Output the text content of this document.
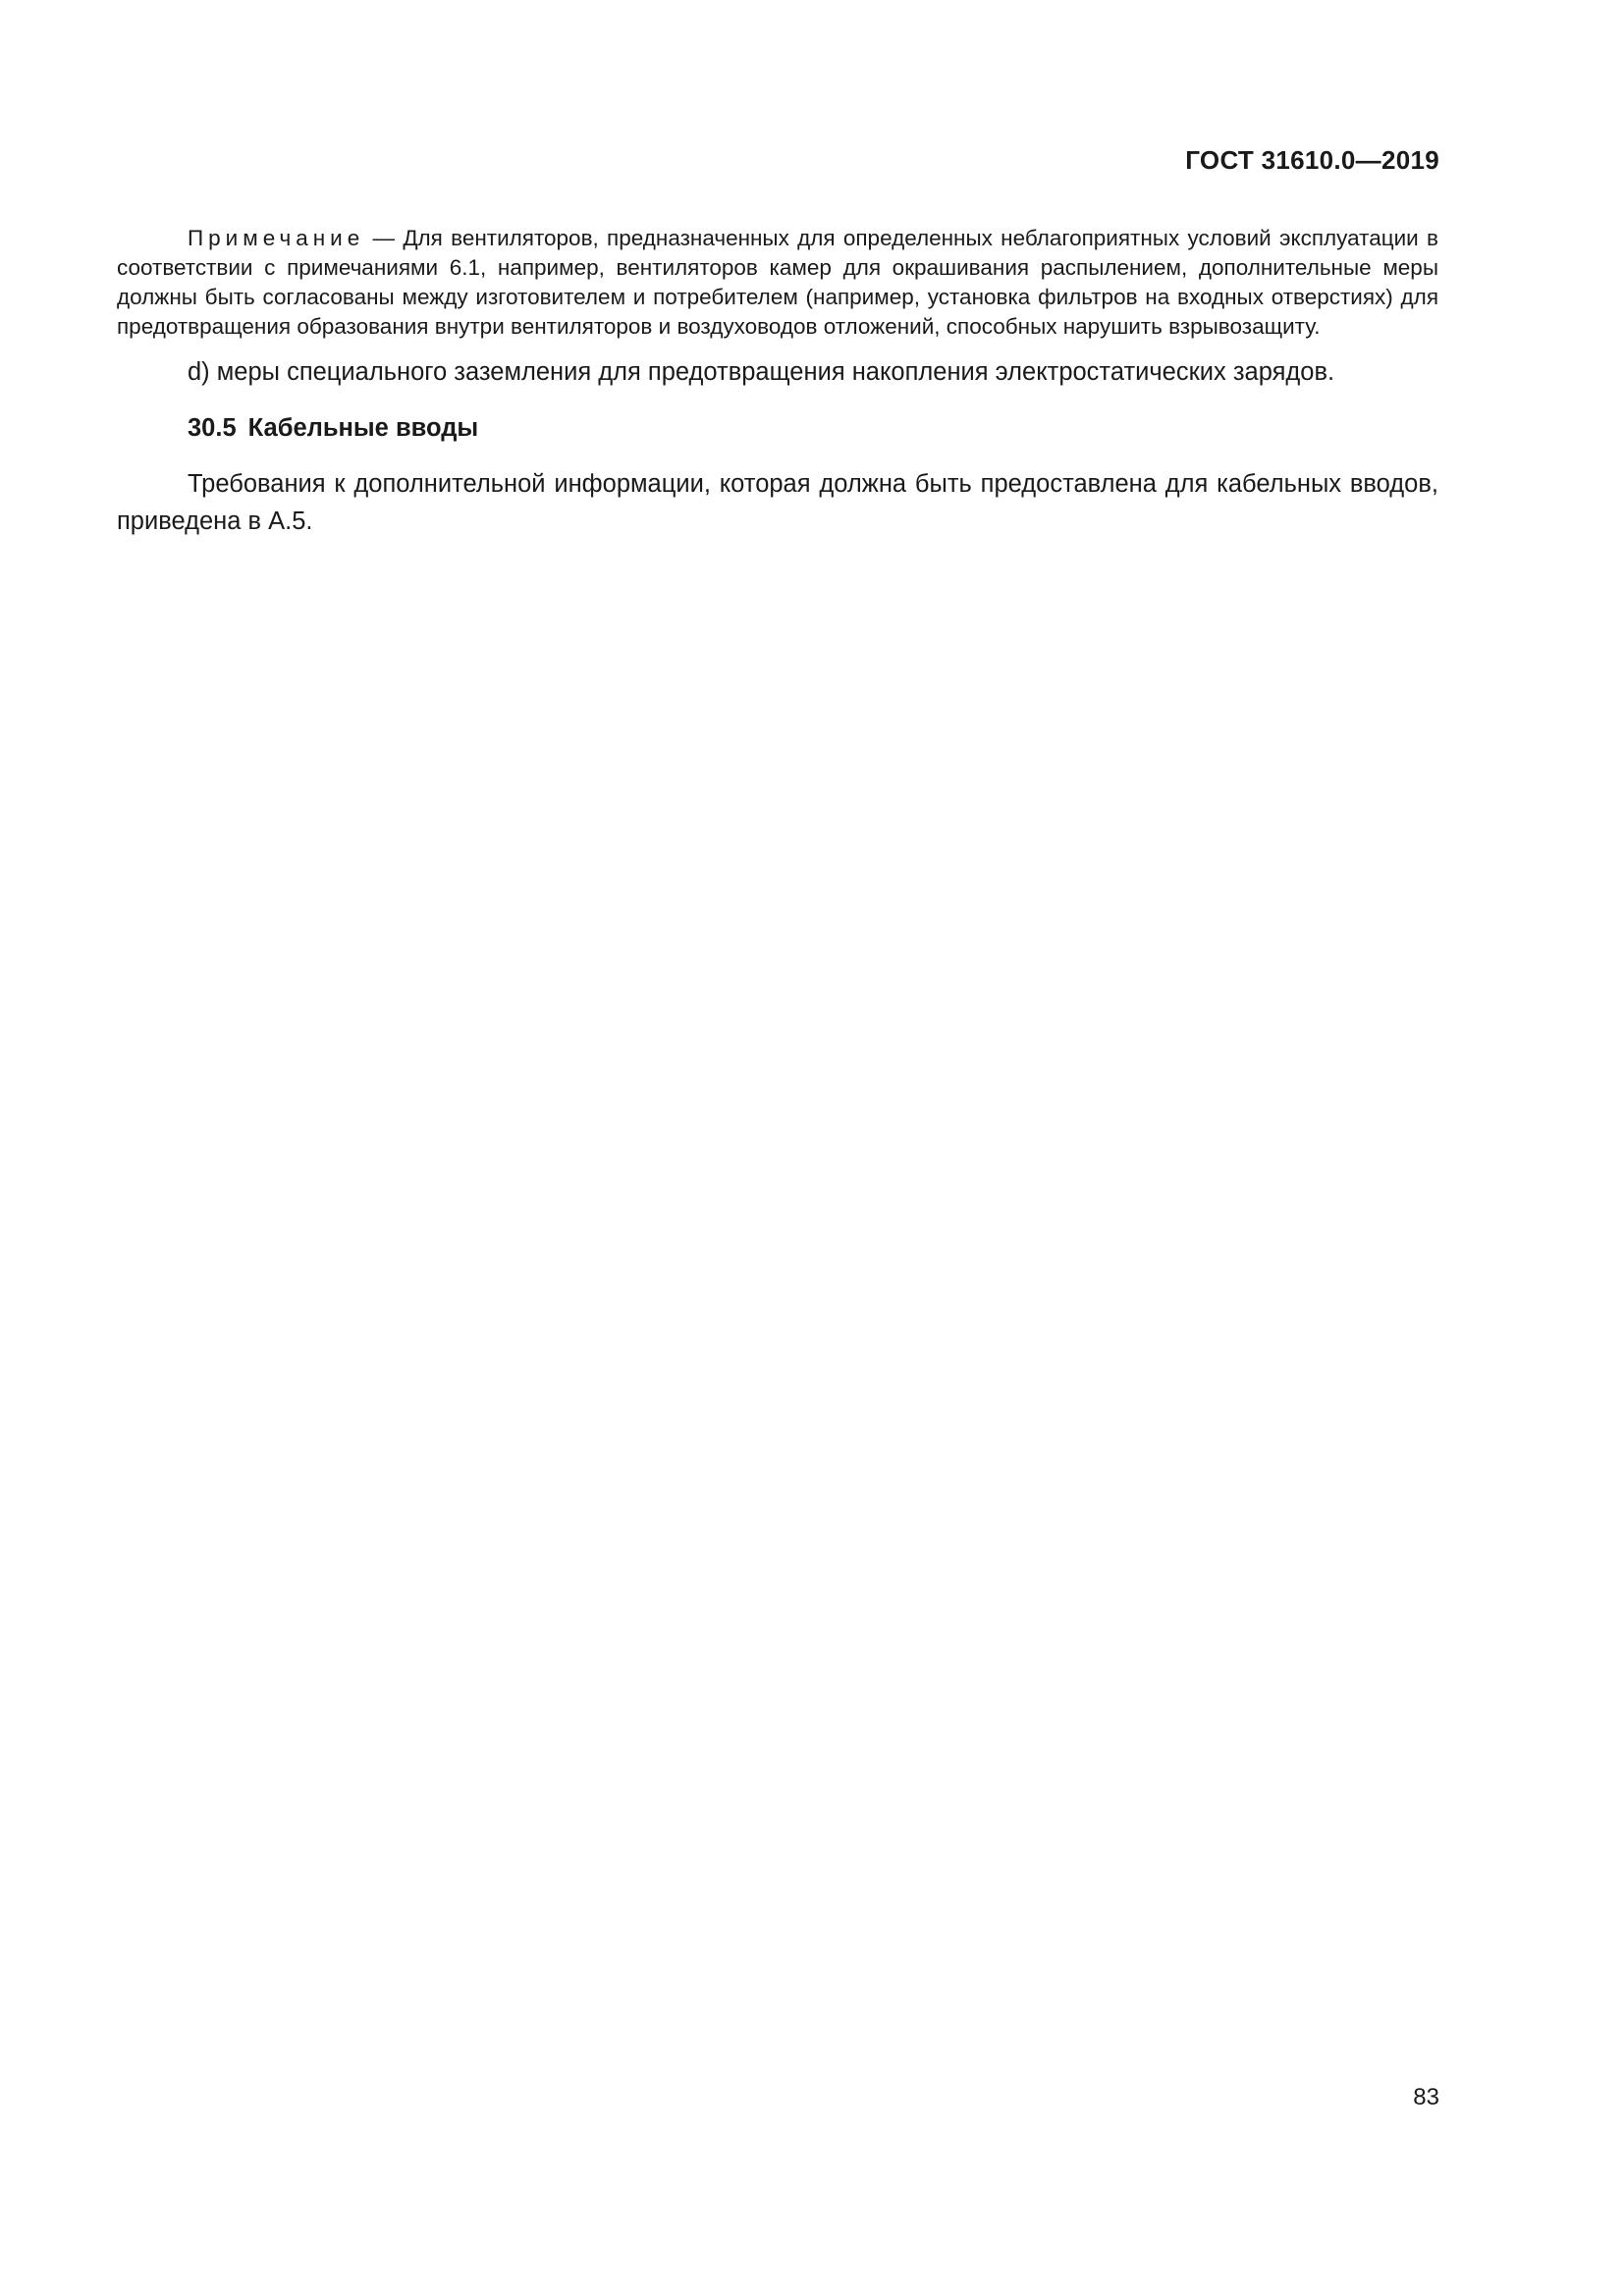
ГОСТ 31610.0—2019

Примечание — Для вентиляторов, предназначенных для определенных неблагоприятных условий эксплуатации в соответствии с примечаниями 6.1, например, вентиляторов камер для окрашивания распылением, дополнительные меры должны быть согласованы между изготовителем и потребителем (например, установка фильтров на входных отверстиях) для предотвращения образования внутри вентиляторов и воздуховодов отложений, способных нарушить взрывозащиту.

d) меры специального заземления для предотвращения накопления электростатических зарядов.

30.5 Кабельные вводы

Требования к дополнительной информации, которая должна быть предоставлена для кабельных вводов, приведена в А.5.

83
